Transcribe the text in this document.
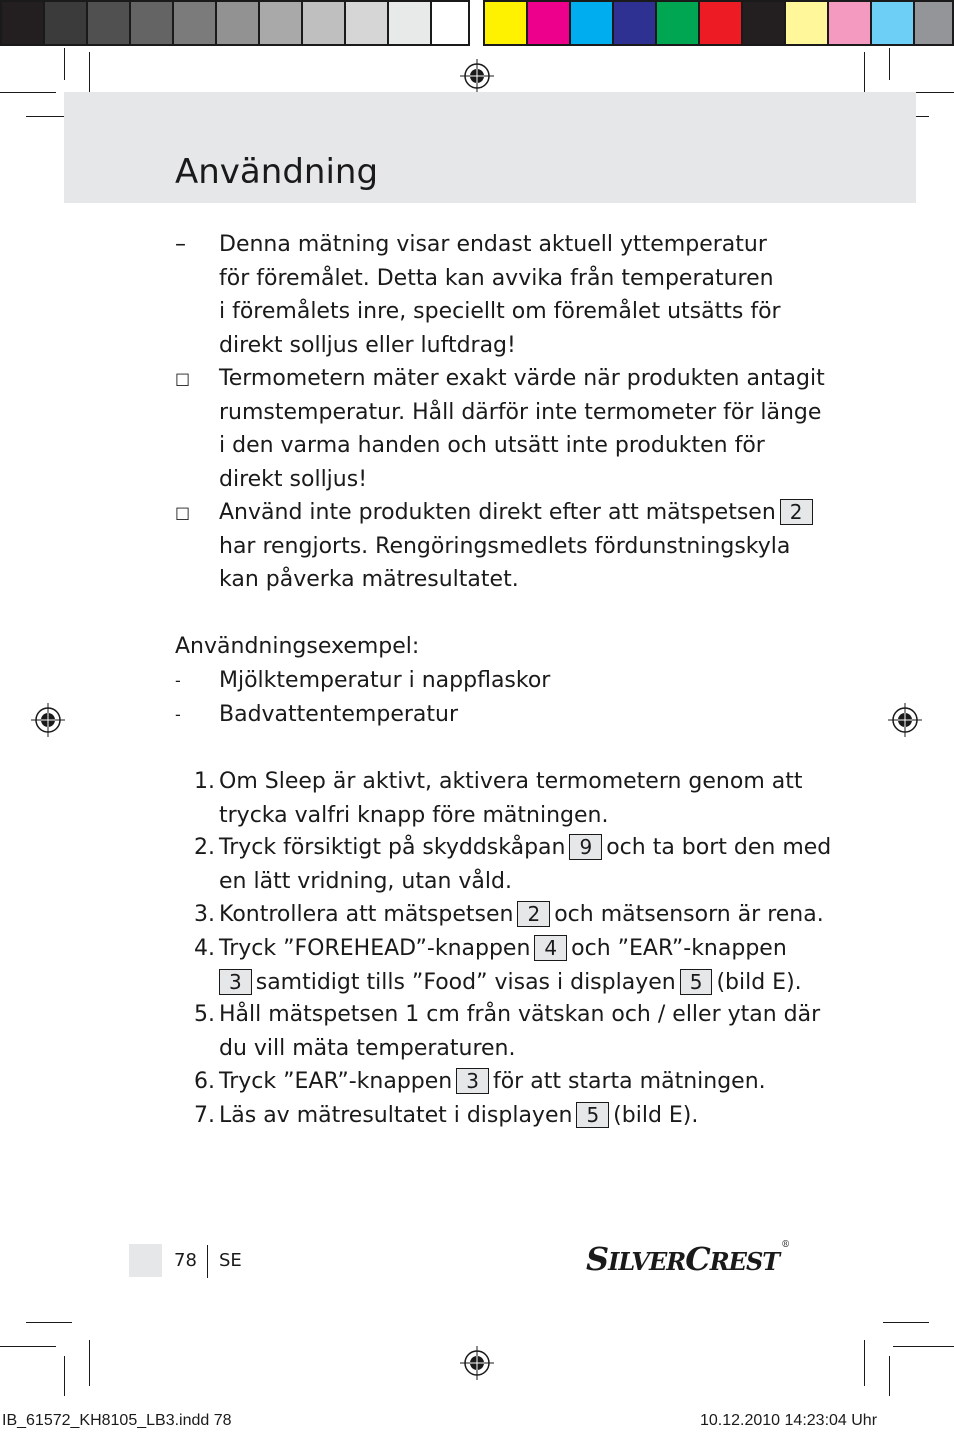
Användning
– Denna mätning visar endast aktuell yttemperatur
för föremålet. Detta kan avvika från temperaturen
i föremålets inre, speciellt om föremålet utsätts för
direkt solljus eller luftdrag!
□ Termometern mäter exakt värde när produkten antagit
rumstemperatur. Håll därför inte termometer för länge
i den varma handen och utsätt inte produkten för
direkt solljus!
□ Använd inte produkten direkt efter att mätspetsen 2
har rengjorts. Rengöringsmedlets fördunstningskyla
kan påverka mätresultatet.
Användningsexempel:
- Mjölktemperatur i nappflaskor
- Badvattentemperatur
1. Om Sleep är aktivt, aktivera termometern genom att
trycka valfri knapp före mätningen.
2. Tryck försiktigt på skyddskåpan 9 och ta bort den med
en lätt vridning, utan våld.
3. Kontrollera att mätspetsen 2 och mätsensorn är rena.
4. Tryck ”FOREHEAD”-knappen 4 och ”EAR”-knappen
3 samtidigt tills ”Food” visas i displayen 5 (bild E).
5. Håll mätspetsen 1 cm från vätskan och / eller ytan där
du vill mäta temperaturen.
6. Tryck ”EAR”-knappen 3 för att starta mätningen.
7. Läs av mätresultatet i displayen 5 (bild E).
78 SE	SILVERCREST®
IB_61572_KH8105_LB3.indd 78	10.12.2010 14:23:04 Uhr
